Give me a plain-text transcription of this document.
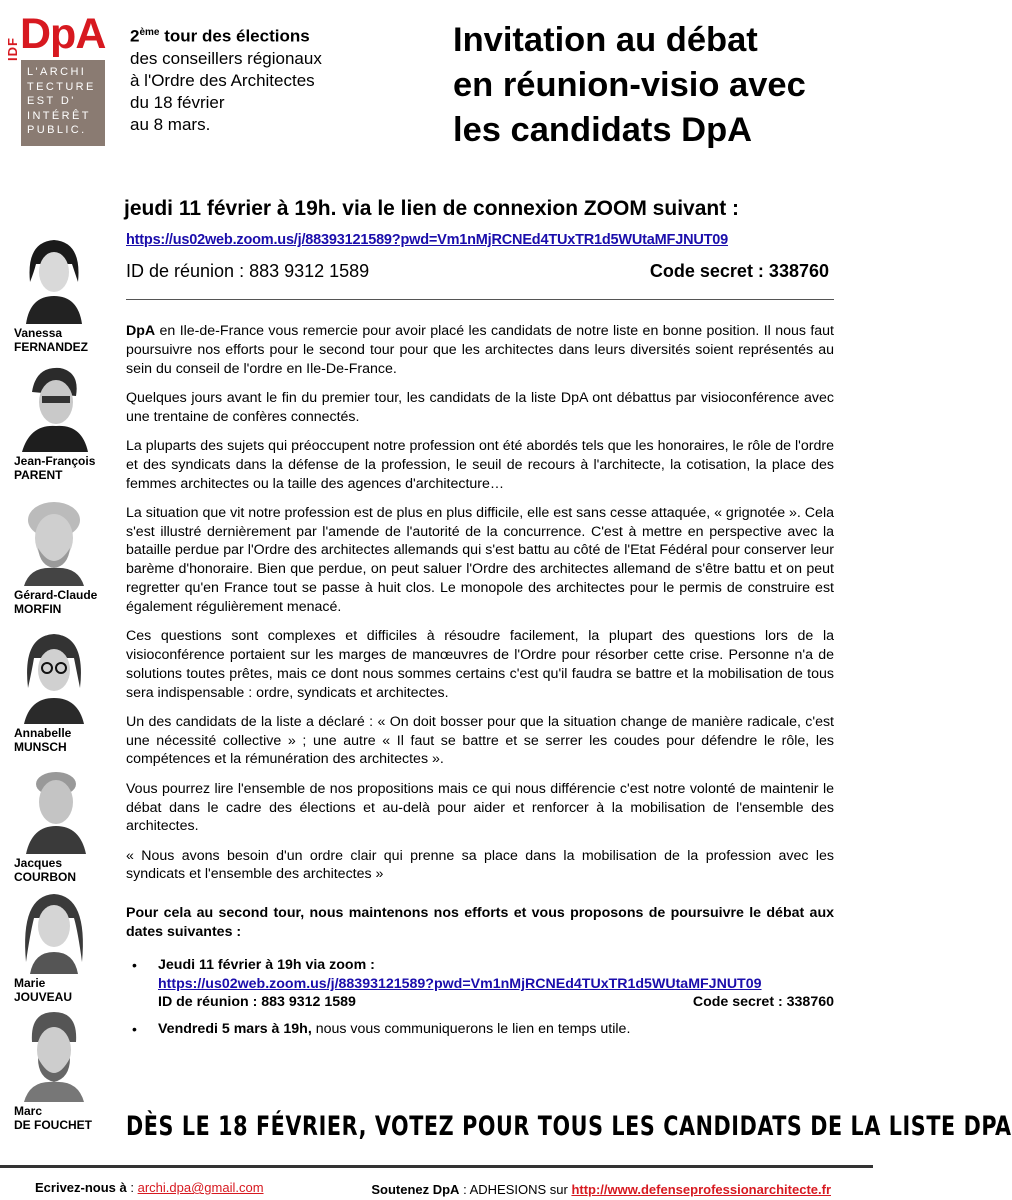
IDF DpA
L'ARCHI
TECTURE
EST D'
INTÉRÊT
PUBLIC.
2ème tour des élections
des conseillers régionaux
à l'Ordre des Architectes
du 18 février
au 8 mars.
Invitation au débat
en réunion-visio avec
les candidats DpA
jeudi 11 février à 19h. via le lien de connexion ZOOM suivant :
https://us02web.zoom.us/j/88393121589?pwd=Vm1nMjRCNEd4TUxTR1d5WUtaMFJNUT09
ID de réunion : 883 9312 1589	Code secret : 338760
Vanessa
FERNANDEZ
Jean-François
PARENT
Gérard-Claude
MORFIN
Annabelle
MUNSCH
Jacques
COURBON
Marie
JOUVEAU
Marc
DE FOUCHET

DpA en Ile-de-France vous remercie pour avoir placé les candidats de notre liste en bonne position. Il nous faut poursuivre nos efforts pour le second tour pour que les architectes dans leurs diversités soient représentés au sein du conseil de l'ordre en Ile-De-France.

Quelques jours avant le fin du premier tour, les candidats de la liste DpA ont débattus par visioconférence avec une trentaine de confères connectés.

La pluparts des sujets qui préoccupent notre profession ont été abordés tels que les honoraires, le rôle de l'ordre et des syndicats dans la défense de la profession, le seuil de recours à l'architecte, la cotisation, la place des femmes architectes ou la taille des agences d'architecture…

La situation que vit notre profession est de plus en plus difficile, elle est sans cesse attaquée, « grignotée ». Cela s'est illustré dernièrement par l'amende de l'autorité de la concurrence. C'est à mettre en perspective avec la bataille perdue par l'Ordre des architectes allemands qui s'est battu au côté de l'Etat Fédéral pour conserver leur barème d'honoraire. Bien que perdue, on peut saluer l'Ordre des architectes allemand de s'être battu et on peut regretter qu'en France tout se passe à huit clos. Le monopole des architectes pour le permis de construire est également régulièrement menacé.

Ces questions sont complexes et difficiles à résoudre facilement, la plupart des questions lors de la visioconférence portaient sur les marges de manœuvres de l'Ordre pour résorber cette crise. Personne n'a de solutions toutes prêtes, mais ce dont nous sommes certains c'est qu'il faudra se battre et la mobilisation de tous sera indispensable : ordre, syndicats et architectes.

Un des candidats de la liste a déclaré : « On doit bosser pour que la situation change de manière radicale, c'est une nécessité collective » ; une autre « Il faut se battre et se serrer les coudes pour défendre le rôle, les compétences et la rémunération des architectes ».

Vous pourrez lire l'ensemble de nos propositions mais ce qui nous différencie c'est notre volonté de maintenir le débat dans le cadre des élections et au-delà pour aider et renforcer à la mobilisation de l'ensemble des architectes.

« Nous avons besoin d'un ordre clair qui prenne sa place dans la mobilisation de la profession avec les syndicats et l'ensemble des architectes »

Pour cela au second tour, nous maintenons nos efforts et vous proposons de poursuivre le débat aux dates suivantes :

• Jeudi 11 février à 19h via zoom :
https://us02web.zoom.us/j/88393121589?pwd=Vm1nMjRCNEd4TUxTR1d5WUtaMFJNUT09
ID de réunion : 883 9312 1589	Code secret : 338760
• Vendredi 5 mars à 19h, nous vous communiquerons le lien en temps utile.
DÈS LE 18 FÉVRIER, VOTEZ POUR TOUS LES CANDIDATS DE LA LISTE DPA
Ecrivez-nous à : archi.dpa@gmail.com	Soutenez DpA : ADHESIONS sur http://www.defenseprofessionarchitecte.fr
